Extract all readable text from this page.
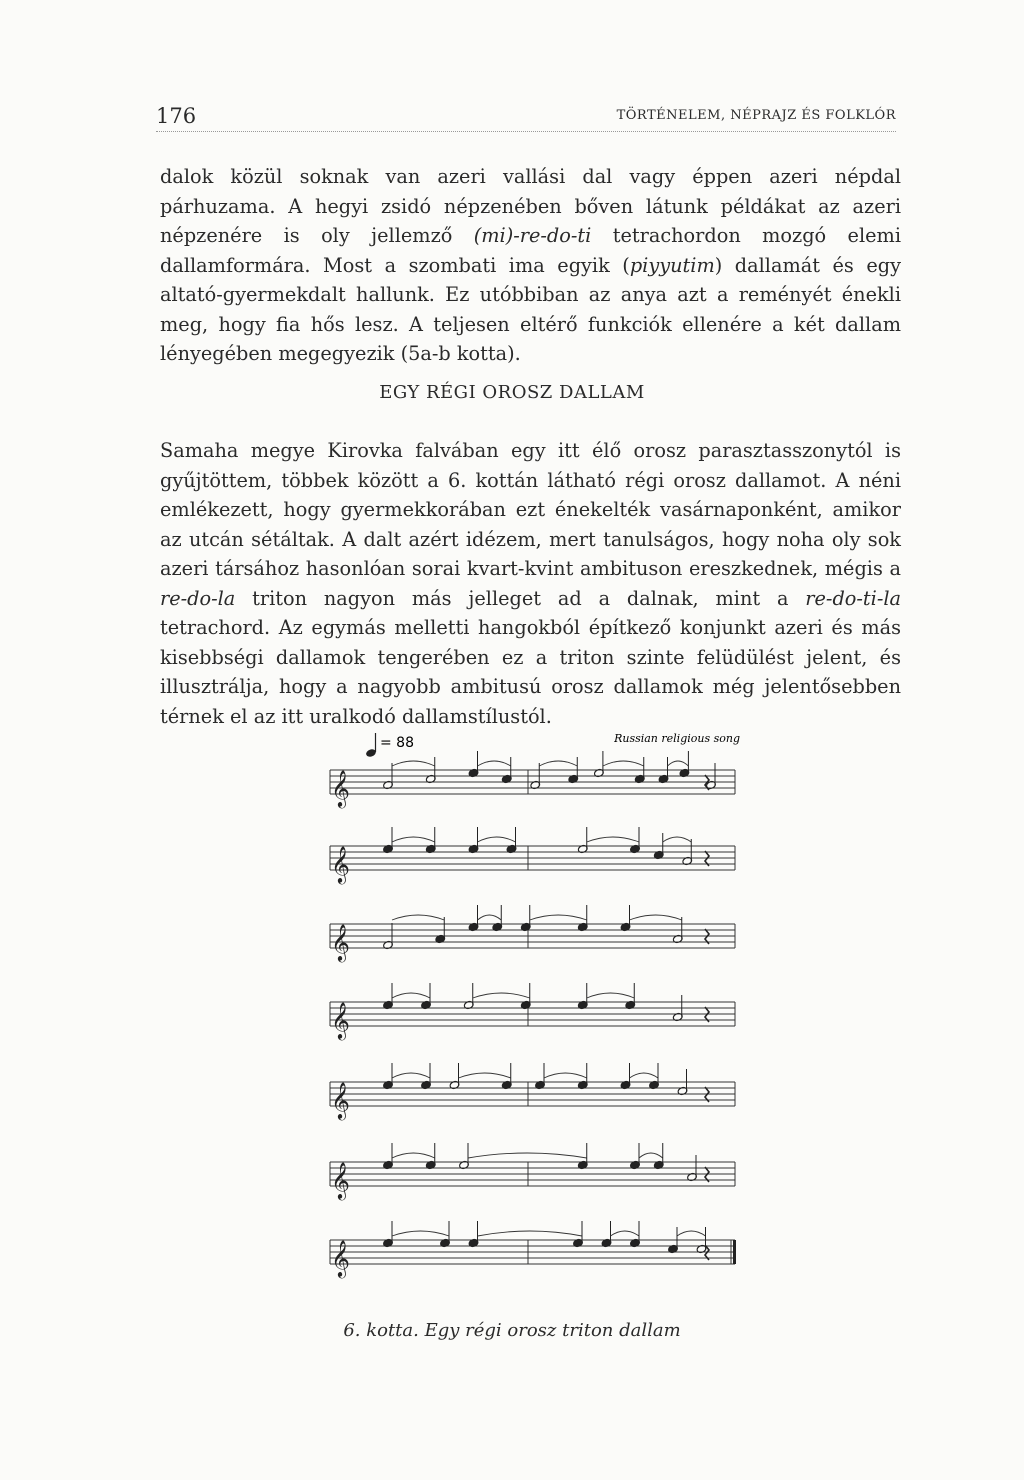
176	TÖRTÉNELEM, NÉPRAJZ ÉS FOLKLÓR

dalok közül soknak van azeri vallási dal vagy éppen azeri népdal párhuzama. A hegyi zsidó népzenében bőven látunk példákat az azeri népzenére is oly jellemző (mi)-re-do-ti tetrachordon mozgó elemi dallamformára. Most a szombati ima egyik (piyyutim) dallamát és egy altató-gyermekdalt hallunk. Ez utóbbiban az anya azt a reményét énekli meg, hogy fia hős lesz. A teljesen eltérő funkciók ellenére a két dallam lényegében megegyezik (5a-b kotta).

EGY RÉGI OROSZ DALLAM

Samaha megye Kirovka falvában egy itt élő orosz parasztasszonytól is gyűjtöttem, többek között a 6. kottán látható régi orosz dallamot. A néni emlékezett, hogy gyermekkorában ezt énekelték vasárnaponként, amikor az utcán sétáltak. A dalt azért idézem, mert tanulságos, hogy noha oly sok azeri társához hasonlóan sorai kvart-kvint ambituson ereszkednek, mégis a re-do-la triton nagyon más jelleget ad a dalnak, mint a re-do-ti-la tetrachord. Az egymás melletti hangokból építkező konjunkt azeri és más kisebbségi dallamok tengerében ez a triton szinte felüdülést jelent, és illusztrálja, hogy a nagyobb ambitusú orosz dallamok még jelentősebben térnek el az itt uralkodó dallamstílustól.

= 88	Russian religious song
𝄞
𝄞
𝄞
𝄞
𝄞
𝄞
𝄞
6. kotta. Egy régi orosz triton dallam
